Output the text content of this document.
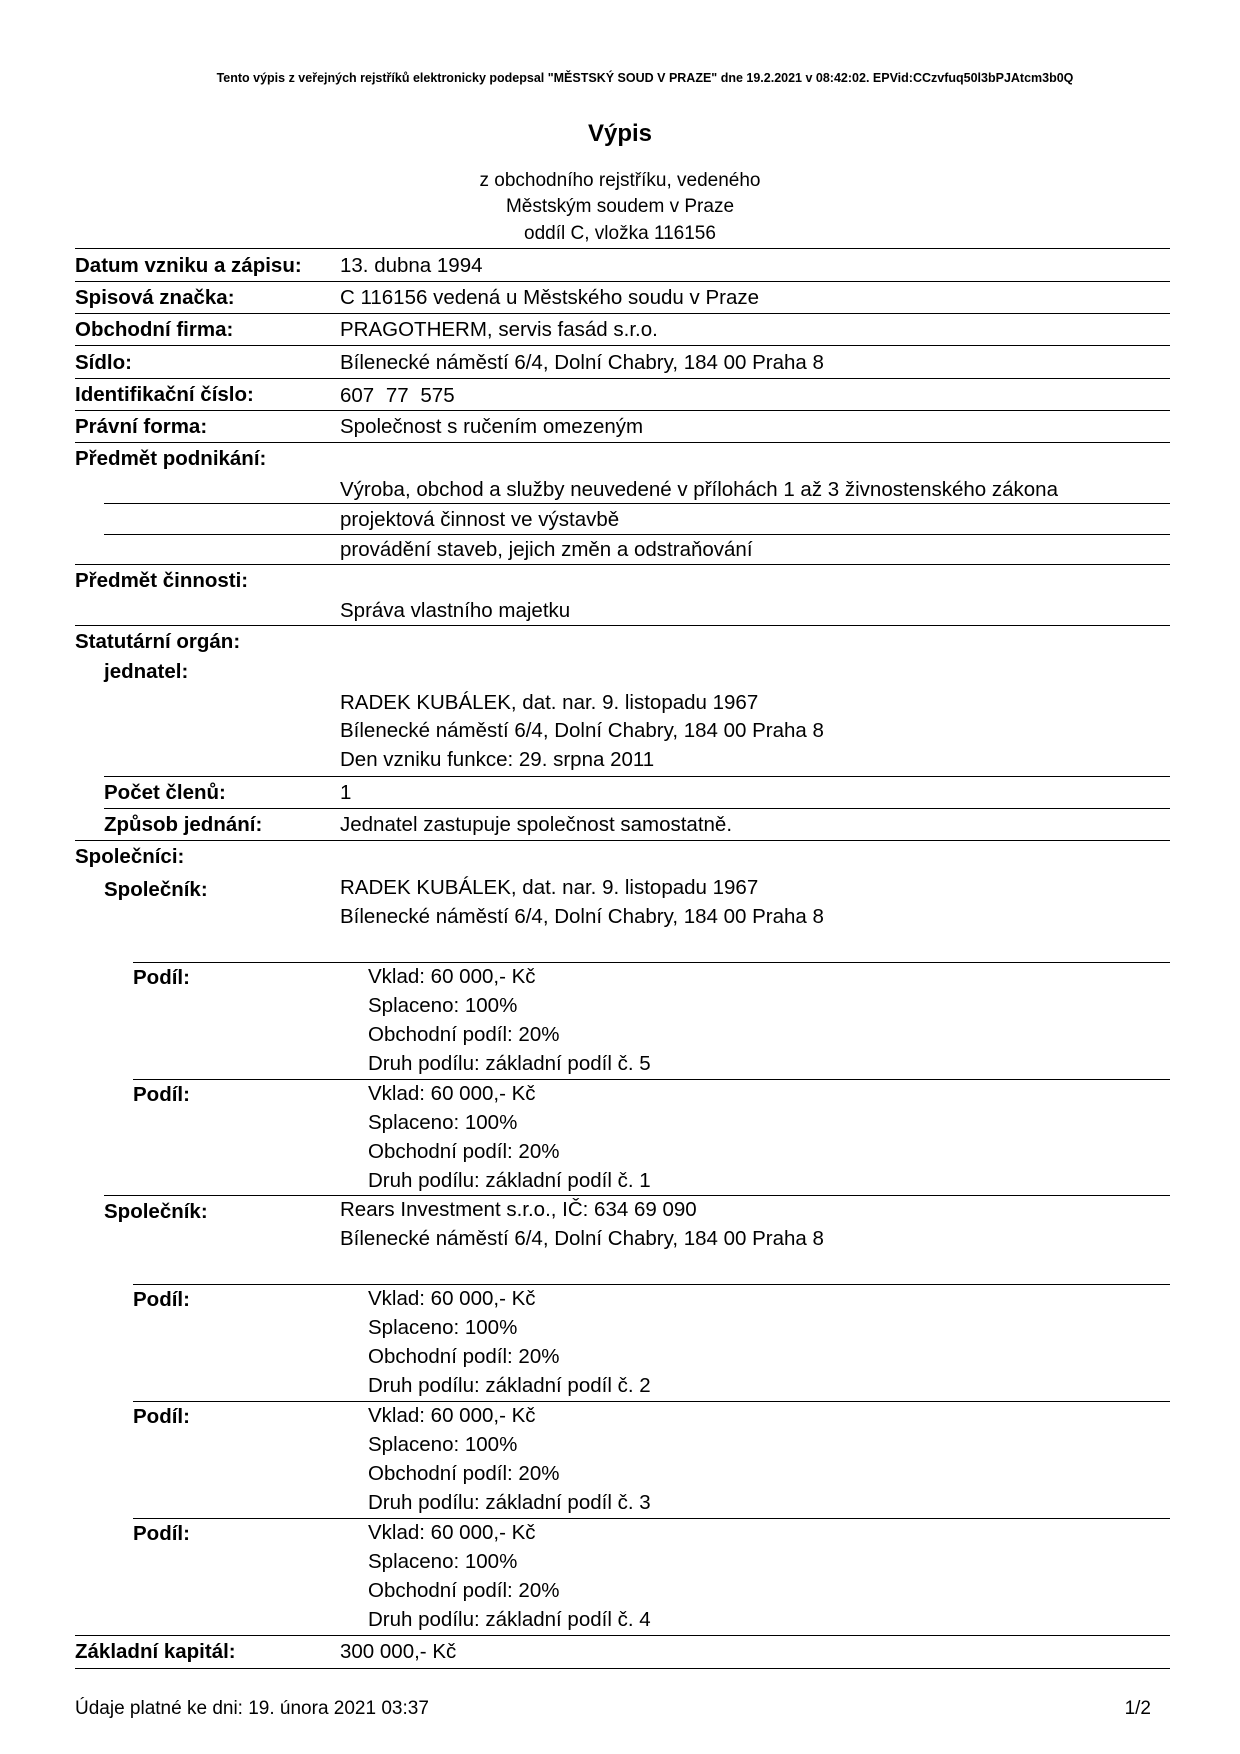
Tento výpis z veřejných rejstříků elektronicky podepsal "MĚSTSKÝ SOUD V PRAZE" dne 19.2.2021 v 08:42:02. EPVid:CCzvfuq50l3bPJAtcm3b0Q
Výpis
z obchodního rejstříku, vedeného
Městským soudem v Praze
oddíl C, vložka 116156
Datum vzniku a zápisu: 13. dubna 1994
Spisová značka:	C 116156 vedená u Městského soudu v Praze
Obchodní firma:	PRAGOTHERM, servis fasád s.r.o.
Sídlo:	Bílenecké náměstí 6/4, Dolní Chabry, 184 00 Praha 8
Identifikační číslo:	607 77 575
Právní forma:	Společnost s ručením omezeným
Předmět podnikání:
Výroba, obchod a služby neuvedené v přílohách 1 až 3 živnostenského zákona
projektová činnost ve výstavbě
provádění staveb, jejich změn a odstraňování
Předmět činnosti:
Správa vlastního majetku
Statutární orgán:
jednatel:
RADEK KUBÁLEK, dat. nar. 9. listopadu 1967
Bílenecké náměstí 6/4, Dolní Chabry, 184 00 Praha 8
Den vzniku funkce: 29. srpna 2011
Počet členů:	1
Způsob jednání:	Jednatel zastupuje společnost samostatně.
Společníci:
Společník:	RADEK KUBÁLEK, dat. nar. 9. listopadu 1967
Bílenecké náměstí 6/4, Dolní Chabry, 184 00 Praha 8
Podíl:	Vklad: 60 000,- Kč
Splaceno: 100%
Obchodní podíl: 20%
Druh podílu: základní podíl č. 5
Podíl:	Vklad: 60 000,- Kč
Splaceno: 100%
Obchodní podíl: 20%
Druh podílu: základní podíl č. 1
Společník:	Rears Investment s.r.o., IČ: 634 69 090
Bílenecké náměstí 6/4, Dolní Chabry, 184 00 Praha 8
Podíl:	Vklad: 60 000,- Kč
Splaceno: 100%
Obchodní podíl: 20%
Druh podílu: základní podíl č. 2
Podíl:	Vklad: 60 000,- Kč
Splaceno: 100%
Obchodní podíl: 20%
Druh podílu: základní podíl č. 3
Podíl:	Vklad: 60 000,- Kč
Splaceno: 100%
Obchodní podíl: 20%
Druh podílu: základní podíl č. 4
Základní kapitál:	300 000,- Kč
Údaje platné ke dni: 19. února 2021 03:37	1/2
